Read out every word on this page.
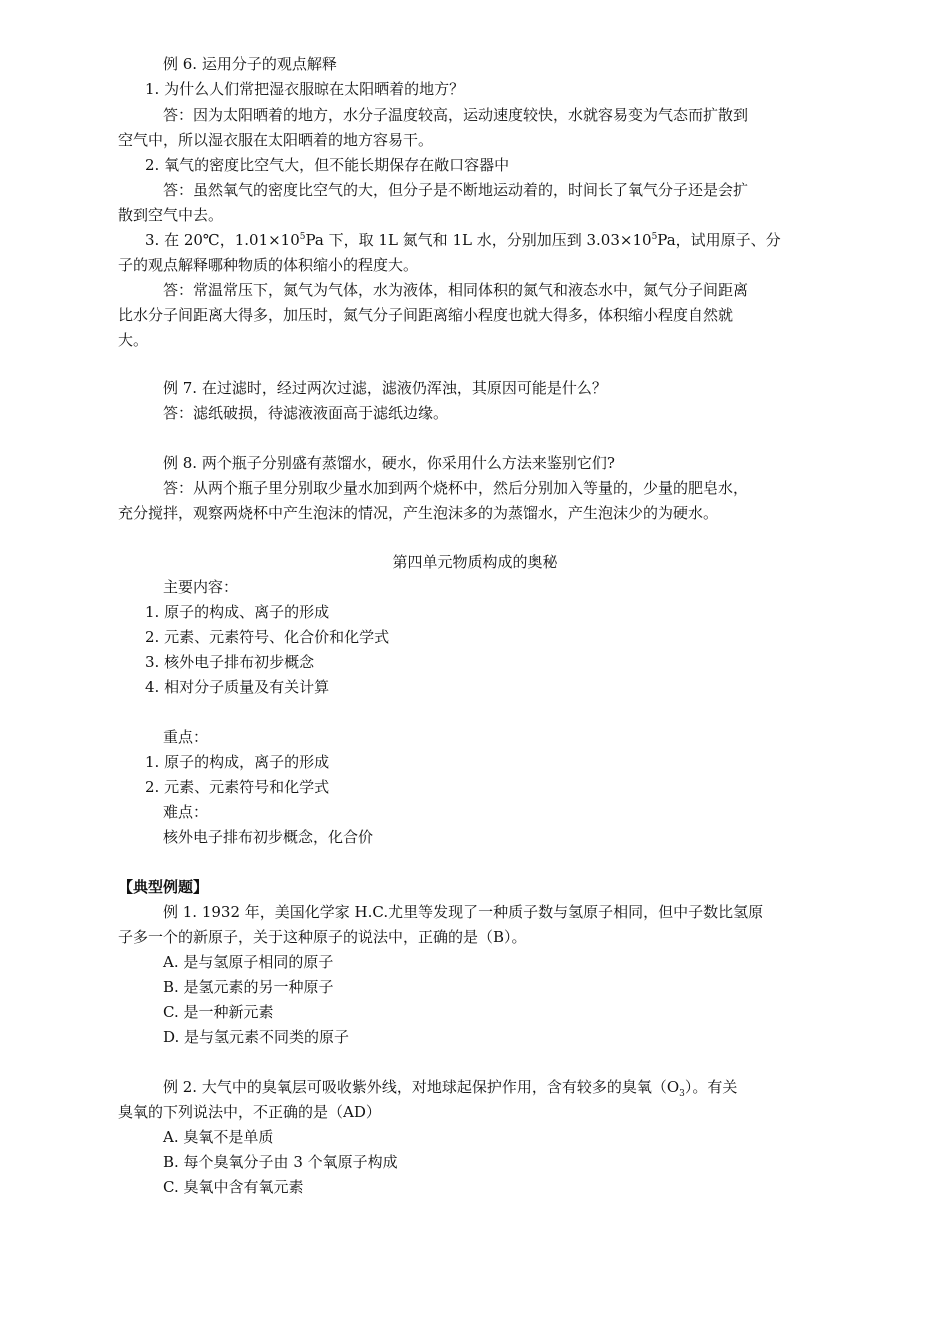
例 6. 运用分子的观点解释
1. 为什么人们常把湿衣服晾在太阳晒着的地方？
答：因为太阳晒着的地方，水分子温度较高，运动速度较快，水就容易变为气态而扩散到
空气中，所以湿衣服在太阳晒着的地方容易干。
2. 氧气的密度比空气大，但不能长期保存在敞口容器中
答：虽然氧气的密度比空气的大，但分子是不断地运动着的，时间长了氧气分子还是会扩
散到空气中去。
3. 在 20℃，$1.01\times 10^5Pa$ 下，取 1L 氮气和 1L 水，分别加压到 $3.03\times 10^5Pa$，试用原子、分
子的观点解释哪种物质的体积缩小的程度大。
答：常温常压下，氮气为气体，水为液体，相同体积的氮气和液态水中，氮气分子间距离
比水分子间距离大得多，加压时，氮气分子间距离缩小程度也就大得多，体积缩小程度自然就
大。
例 7. 在过滤时，经过两次过滤，滤液仍浑浊，其原因可能是什么？
答：滤纸破损，待滤液液面高于滤纸边缘。
例 8. 两个瓶子分别盛有蒸馏水，硬水，你采用什么方法来鉴别它们?
答：从两个瓶子里分别取少量水加到两个烧杯中，然后分别加入等量的，少量的肥皂水，
充分搅拌，观察两烧杯中产生泡沫的情况，产生泡沫多的为蒸馏水，产生泡沫少的为硬水。
第四单元物质构成的奥秘
主要内容：
1. 原子的构成、离子的形成
2. 元素、元素符号、化合价和化学式
3. 核外电子排布初步概念
4. 相对分子质量及有关计算
重点：
1. 原子的构成，离子的形成
2. 元素、元素符号和化学式
难点：
核外电子排布初步概念，化合价
【典型例题】
例 1. 1932 年，美国化学家 H.C.尤里等发现了一种质子数与氢原子相同，但中子数比氢原
子多一个的新原子，关于这种原子的说法中，正确的是（B）。
A. 是与氢原子相同的原子
B. 是氢元素的另一种原子
C. 是一种新元素
D. 是与氢元素不同类的原子
例 2. 大气中的臭氧层可吸收紫外线，对地球起保护作用，含有较多的臭氧$(O_3)$。有关
臭氧的下列说法中，不正确的是（AD）
A. 臭氧不是单质
B. 每个臭氧分子由 3 个氧原子构成
C. 臭氧中含有氧元素
